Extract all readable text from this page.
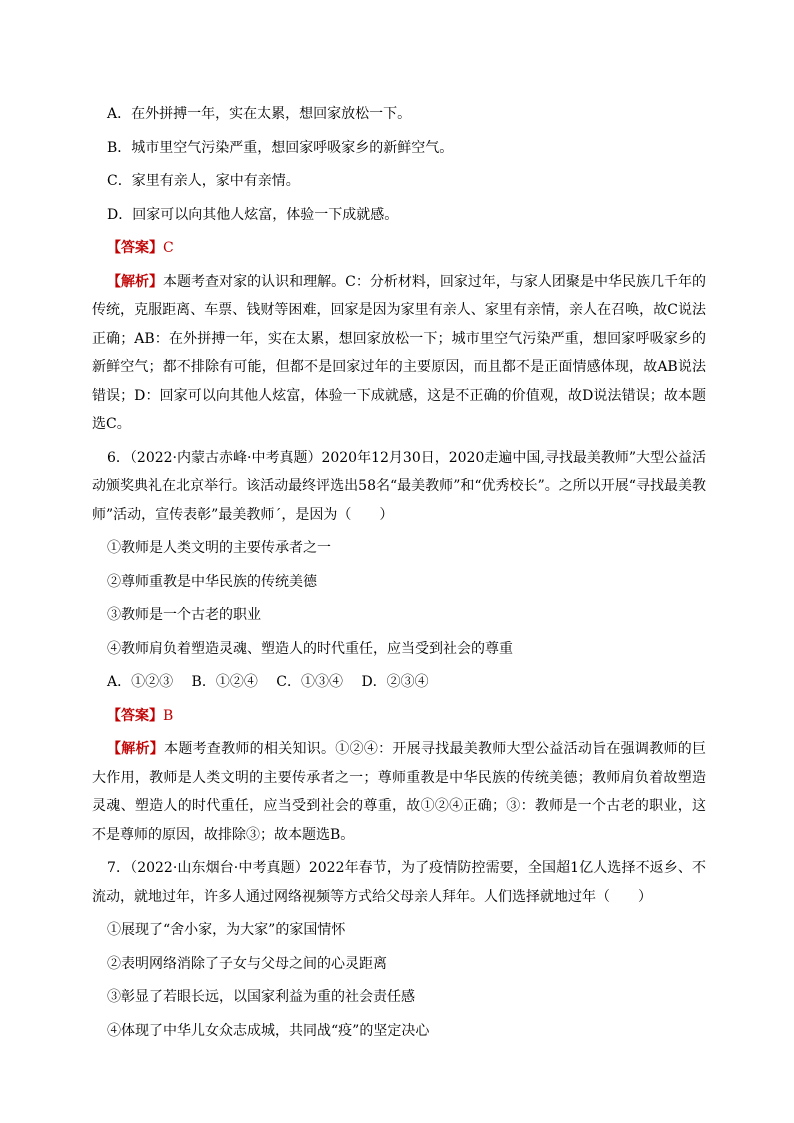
A．在外拼搏一年，实在太累，想回家放松一下。

B．城市里空气污染严重，想回家呼吸家乡的新鲜空气。

C．家里有亲人，家中有亲情。

D．回家可以向其他人炫富，体验一下成就感。

【答案】C

【解析】本题考查对家的认识和理解。C：分析材料，回家过年，与家人团聚是中华民族几千年的传统，克服距离、车票、钱财等困难，回家是因为家里有亲人、家里有亲情，亲人在召唤，故C说法正确；AB：在外拼搏一年，实在太累，想回家放松一下；城市里空气污染严重，想回家呼吸家乡的新鲜空气；都不排除有可能，但都不是回家过年的主要原因，而且都不是正面情感体现，故AB说法错误；D：回家可以向其他人炫富，体验一下成就感，这是不正确的价值观，故D说法错误；故本题选C。

6．（2022·内蒙古赤峰·中考真题）2020年12月30日，2020走遍中国,寻找最美教师”大型公益活动颁奖典礼在北京举行。该活动最终评选出58名“最美教师”和“优秀校长”。之所以开展“寻找最美教师”活动，宣传表彰”最美教师ˊ，是因为（　　）

①教师是人类文明的主要传承者之一

②尊师重教是中华民族的传统美德

③教师是一个古老的职业

④教师肩负着塑造灵魂、塑造人的时代重任，应当受到社会的尊重

A．①②③　 B．①②④　 C．①③④　 D．②③④

【答案】B

【解析】本题考查教师的相关知识。①②④：开展寻找最美教师大型公益活动旨在强调教师的巨大作用，教师是人类文明的主要传承者之一；尊师重教是中华民族的传统美德；教师肩负着故塑造灵魂、塑造人的时代重任，应当受到社会的尊重，故①②④正确；③：教师是一个古老的职业，这不是尊师的原因，故排除③；故本题选B。

7．（2022·山东烟台·中考真题）2022年春节，为了疫情防控需要，全国超1亿人选择不返乡、不流动，就地过年，许多人通过网络视频等方式给父母亲人拜年。人们选择就地过年（　　）

①展现了“舍小家，为大家”的家国情怀

②表明网络消除了子女与父母之间的心灵距离

③彰显了若眼长远，以国家利益为重的社会责任感

④体现了中华儿女众志成城，共同战“疫”的坚定决心
